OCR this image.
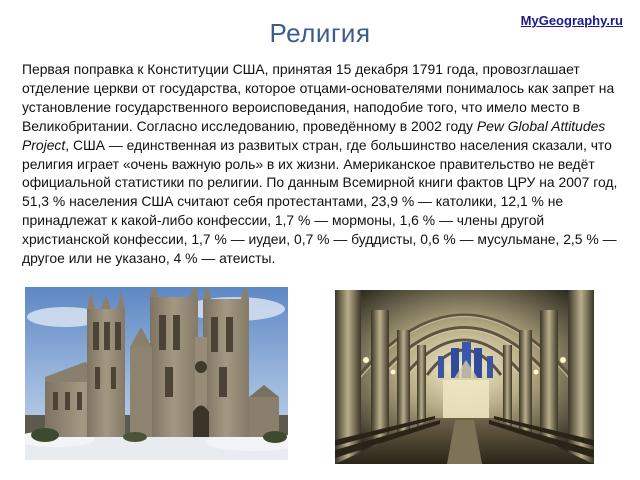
MyGeography.ru
Религия

Первая поправка к Конституции США, принятая 15 декабря 1791 года, провозглашает отделение церкви от государства, которое отцами-основателями понималось как запрет на установление государственного вероисповедания, наподобие того, что имело место в Великобритании. Согласно исследованию, проведённому в 2002 году Pew Global Attitudes Project, США — единственная из развитых стран, где большинство населения сказали, что религия играет «очень важную роль» в их жизни. Американское правительство не ведёт официальной статистики по религии. По данным Всемирной книги фактов ЦРУ на 2007 год, 51,3 % населения США считают себя протестантами, 23,9 % — католики, 12,1 % не принадлежат к какой-либо конфессии, 1,7 % — мормоны, 1,6 % — члены другой христианской конфессии, 1,7 % — иудеи, 0,7 % — буддисты, 0,6 % — мусульмане, 2,5 % — другое или не указано, 4 % — атеисты.
